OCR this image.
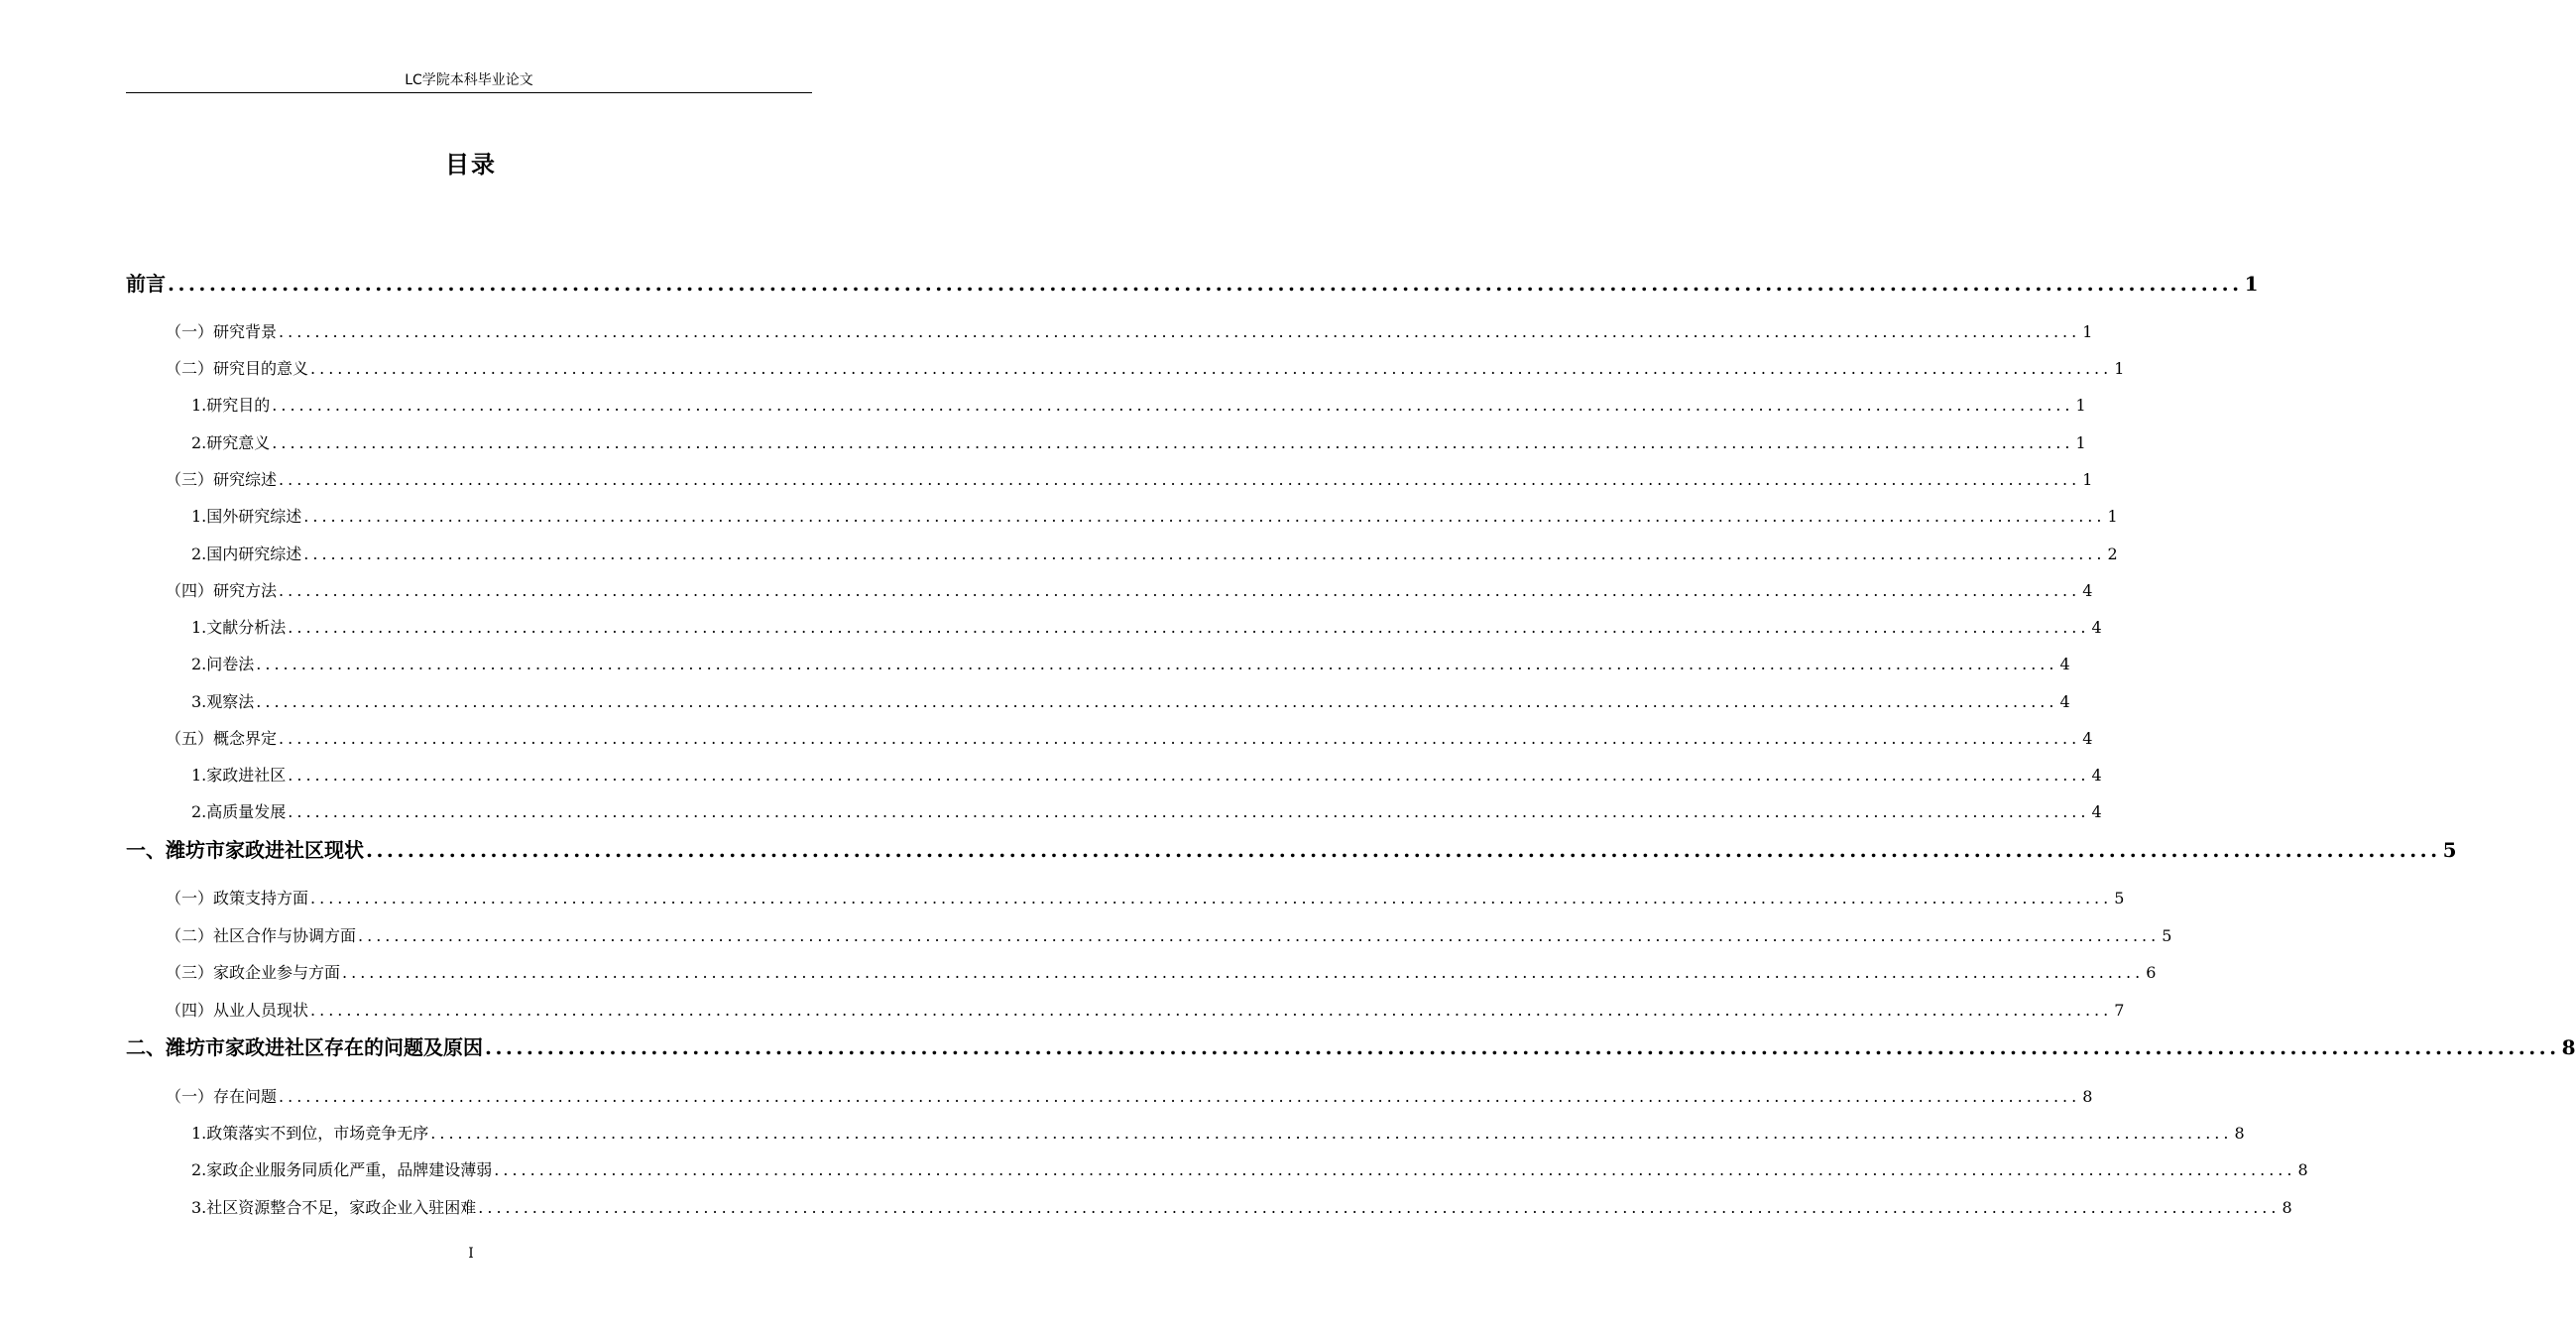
LC学院本科毕业论文
目录
前言 ........................................................................................................................................................................................................ 1
（一）研究背景 ........................................................................................................................................................................................................ 1
（二）研究目的意义 ........................................................................................................................................................................................................ 1
1.研究目的 ........................................................................................................................................................................................................ 1
2.研究意义 ........................................................................................................................................................................................................ 1
（三）研究综述 ........................................................................................................................................................................................................ 1
1.国外研究综述 ........................................................................................................................................................................................................ 1
2.国内研究综述 ........................................................................................................................................................................................................ 2
（四）研究方法 ........................................................................................................................................................................................................ 4
1.文献分析法 ........................................................................................................................................................................................................ 4
2.问卷法 ........................................................................................................................................................................................................ 4
3.观察法 ........................................................................................................................................................................................................ 4
（五）概念界定 ........................................................................................................................................................................................................ 4
1.家政进社区 ........................................................................................................................................................................................................ 4
2.高质量发展 ........................................................................................................................................................................................................ 4
一、潍坊市家政进社区现状 ........................................................................................................................................................................................................ 5
（一）政策支持方面 ........................................................................................................................................................................................................ 5
（二）社区合作与协调方面 ........................................................................................................................................................................................................ 5
（三）家政企业参与方面 ........................................................................................................................................................................................................ 6
（四）从业人员现状 ........................................................................................................................................................................................................ 7
二、潍坊市家政进社区存在的问题及原因 ........................................................................................................................................................................................................ 8
（一）存在问题 ........................................................................................................................................................................................................ 8
1.政策落实不到位，市场竞争无序 ........................................................................................................................................................................................................ 8
2.家政企业服务同质化严重，品牌建设薄弱 ........................................................................................................................................................................................................ 8
3.社区资源整合不足，家政企业入驻困难 ........................................................................................................................................................................................................ 8
I
